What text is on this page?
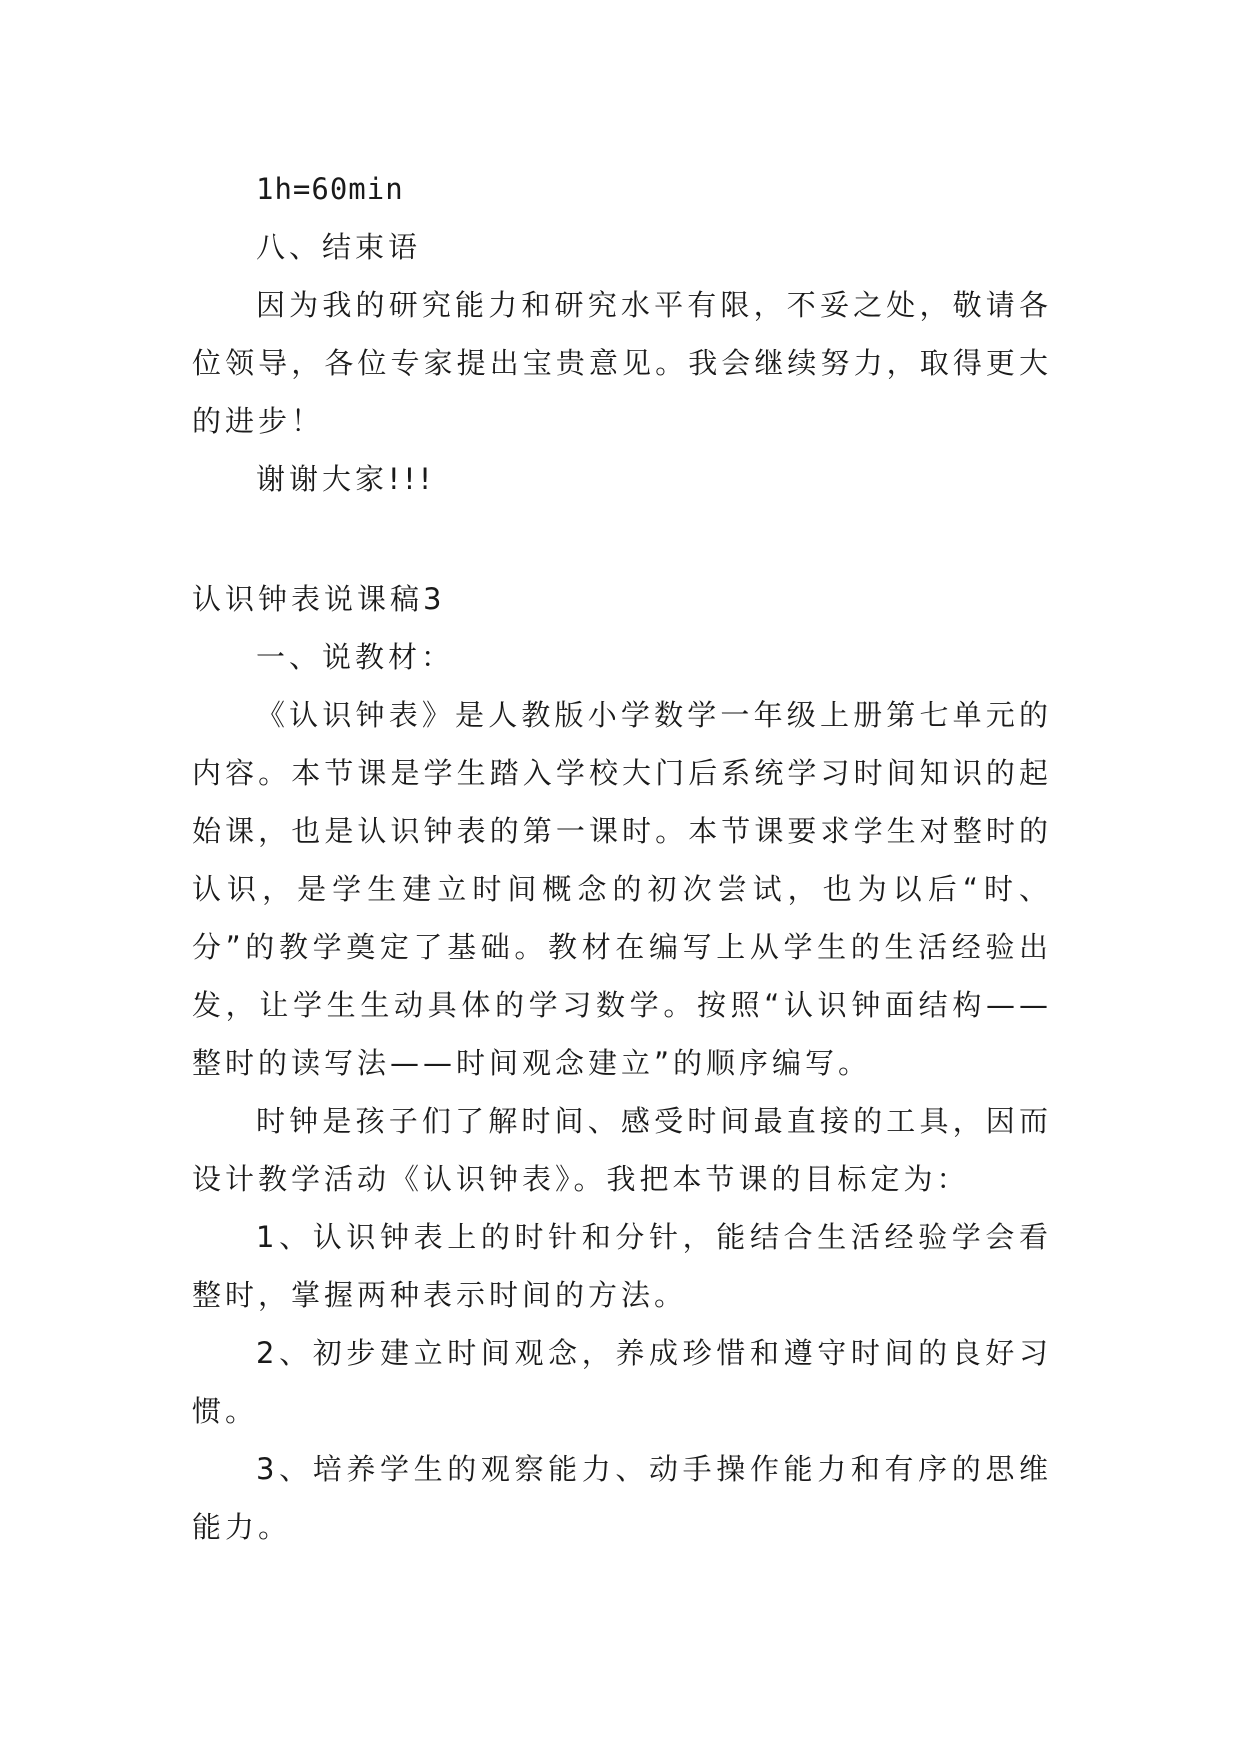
1h=60min

八、结束语

因为我的研究能力和研究水平有限，不妥之处，敬请各位领导，各位专家提出宝贵意见。我会继续努力，取得更大的进步！

谢谢大家!!!

认识钟表说课稿3

一、说教材：

《认识钟表》是人教版小学数学一年级上册第七单元的内容。本节课是学生踏入学校大门后系统学习时间知识的起始课，也是认识钟表的第一课时。本节课要求学生对整时的认识，是学生建立时间概念的初次尝试，也为以后“时、分”的教学奠定了基础。教材在编写上从学生的生活经验出发，让学生生动具体的学习数学。按照“认识钟面结构——整时的读写法——时间观念建立”的顺序编写。

时钟是孩子们了解时间、感受时间最直接的工具，因而设计教学活动《认识钟表》。我把本节课的目标定为：

1、认识钟表上的时针和分针，能结合生活经验学会看整时，掌握两种表示时间的方法。

2、初步建立时间观念，养成珍惜和遵守时间的良好习惯。

3、培养学生的观察能力、动手操作能力和有序的思维能力。
